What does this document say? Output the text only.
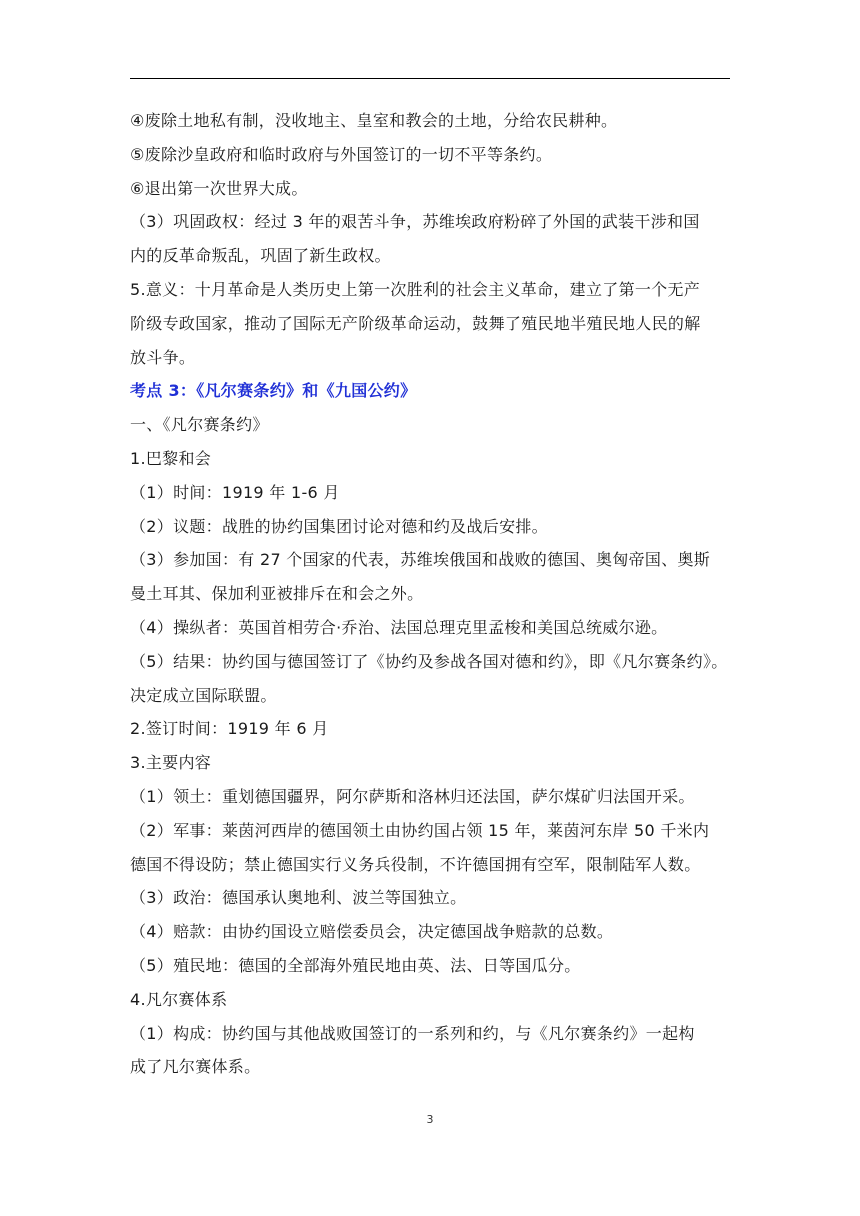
④废除土地私有制，没收地主、皇室和教会的土地，分给农民耕种。
⑤废除沙皇政府和临时政府与外国签订的一切不平等条约。
⑥退出第一次世界大成。
（3）巩固政权：经过 3 年的艰苦斗争，苏维埃政府粉碎了外国的武装干涉和国
内的反革命叛乱，巩固了新生政权。
5.意义：十月革命是人类历史上第一次胜利的社会主义革命，建立了第一个无产
阶级专政国家，推动了国际无产阶级革命运动，鼓舞了殖民地半殖民地人民的解
放斗争。
考点 3：《凡尔赛条约》和《九国公约》
一、《凡尔赛条约》
1.巴黎和会
（1）时间：1919 年 1-6 月
（2）议题：战胜的协约国集团讨论对德和约及战后安排。
（3）参加国：有 27 个国家的代表，苏维埃俄国和战败的德国、奥匈帝国、奥斯
曼土耳其、保加利亚被排斥在和会之外。
（4）操纵者：英国首相劳合·乔治、法国总理克里孟梭和美国总统威尔逊。
（5）结果：协约国与德国签订了《协约及参战各国对德和约》，即《凡尔赛条约》。
决定成立国际联盟。
2.签订时间：1919 年 6 月
3.主要内容
（1）领土：重划德国疆界，阿尔萨斯和洛林归还法国，萨尔煤矿归法国开采。
（2）军事：莱茵河西岸的德国领土由协约国占领 15 年，莱茵河东岸 50 千米内
德国不得设防；禁止德国实行义务兵役制，不许德国拥有空军，限制陆军人数。
（3）政治：德国承认奥地利、波兰等国独立。
（4）赔款：由协约国设立赔偿委员会，决定德国战争赔款的总数。
（5）殖民地：德国的全部海外殖民地由英、法、日等国瓜分。
4.凡尔赛体系
（1）构成：协约国与其他战败国签订的一系列和约，与《凡尔赛条约》一起构
成了凡尔赛体系。
3
